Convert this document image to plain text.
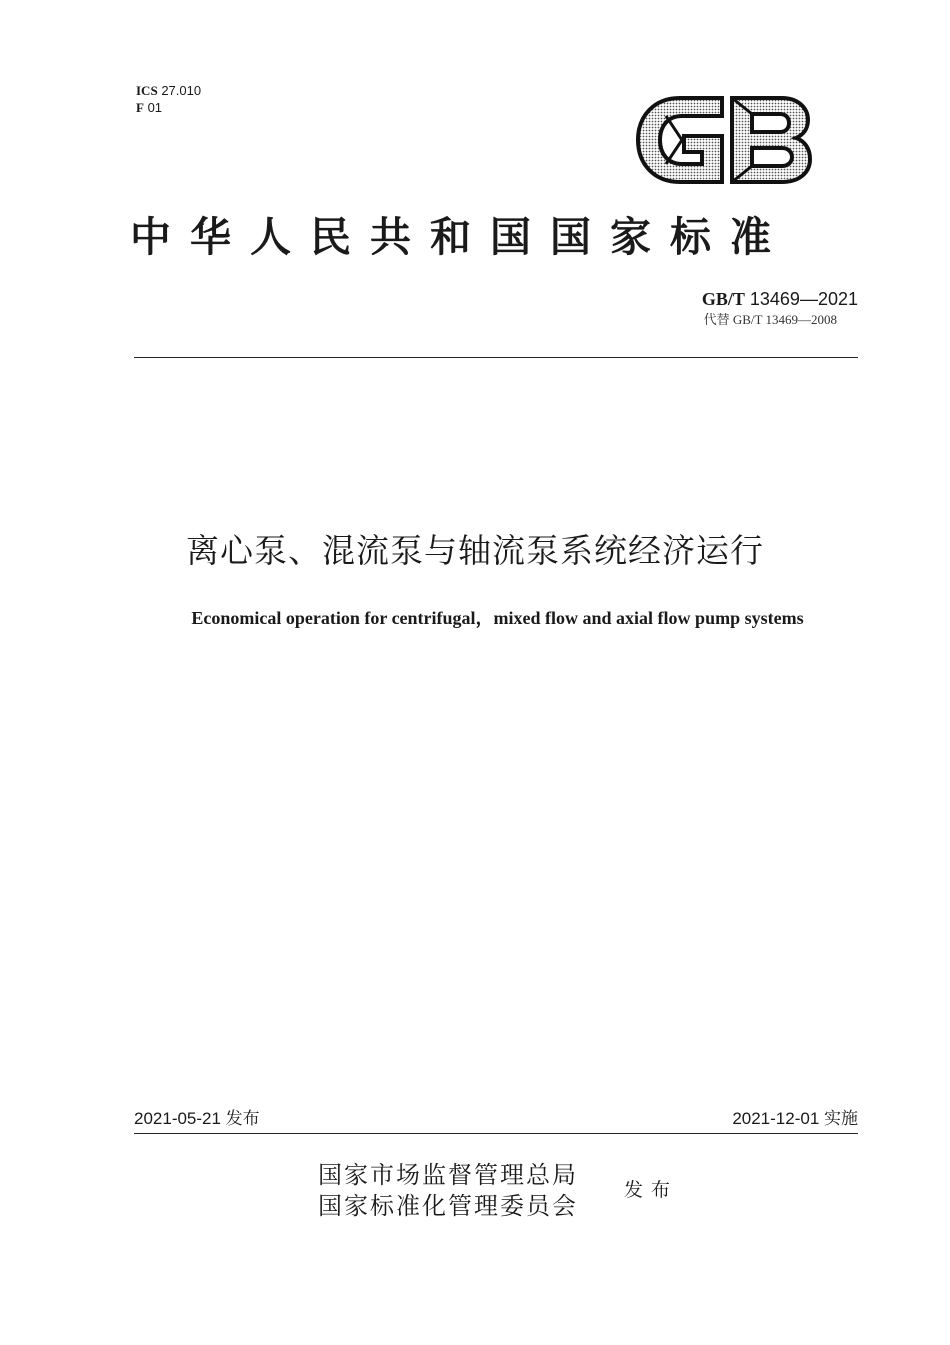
ICS 27.010
F 01
GB
中华人民共和国国家标准
GB/T 13469—2021
代替 GB/T 13469—2008
离心泵、混流泵与轴流泵系统经济运行
Economical operation for centrifugal，mixed flow and axial flow pump systems
2021-05-21 发布	2021-12-01 实施
国家市场监督管理总局
国家标准化管理委员会
发布
